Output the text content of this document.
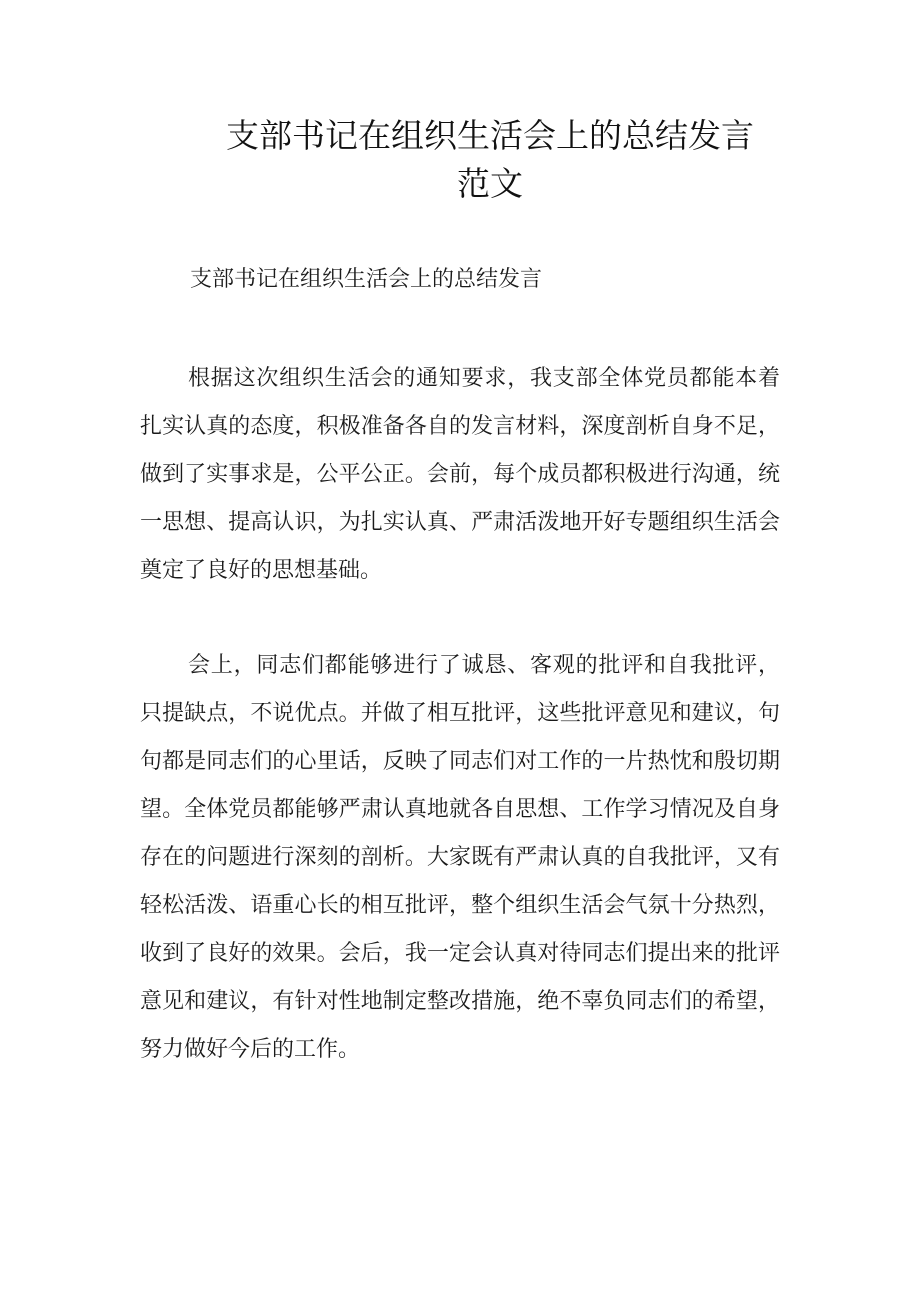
支部书记在组织生活会上的总结发言
范文

支部书记在组织生活会上的总结发言

根据这次组织生活会的通知要求，我支部全体党员都能本着扎实认真的态度，积极准备各自的发言材料，深度剖析自身不足，做到了实事求是，公平公正。会前，每个成员都积极进行沟通，统一思想、提高认识，为扎实认真、严肃活泼地开好专题组织生活会奠定了良好的思想基础。

会上，同志们都能够进行了诚恳、客观的批评和自我批评，只提缺点，不说优点。并做了相互批评，这些批评意见和建议，句句都是同志们的心里话，反映了同志们对工作的一片热忱和殷切期望。全体党员都能够严肃认真地就各自思想、工作学习情况及自身存在的问题进行深刻的剖析。大家既有严肃认真的自我批评，又有轻松活泼、语重心长的相互批评，整个组织生活会气氛十分热烈，收到了良好的效果。会后，我一定会认真对待同志们提出来的批评意见和建议，有针对性地制定整改措施，绝不辜负同志们的希望，努力做好今后的工作。
